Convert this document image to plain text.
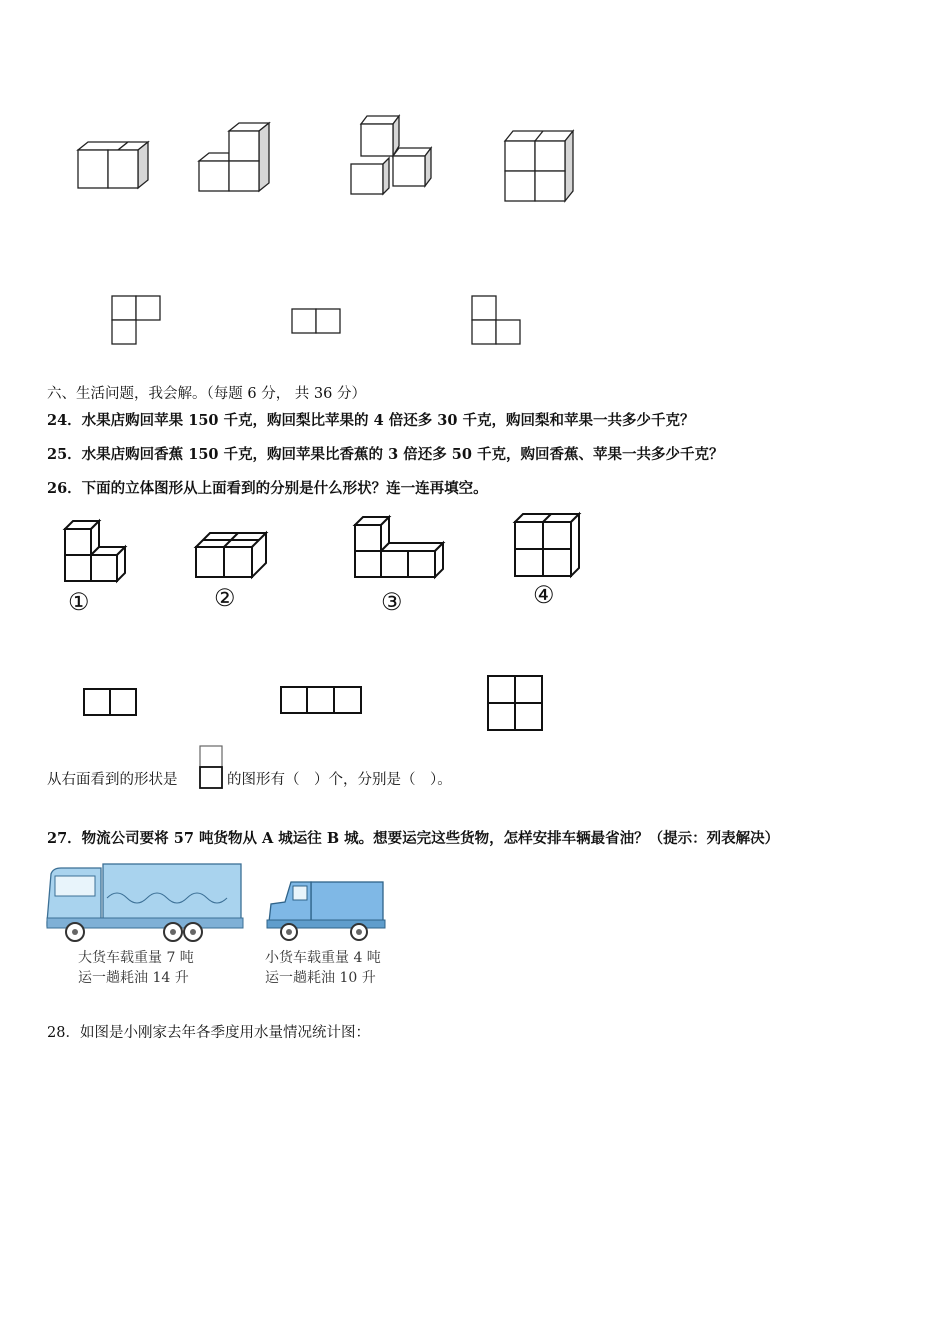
六、生活问题，我会解。（每题 6 分， 共 36 分）
24．水果店购回苹果 150 千克，购回梨比苹果的 4 倍还多 30 千克，购回梨和苹果一共多少千克？
25．水果店购回香蕉 150 千克，购回苹果比香蕉的 3 倍还多 50 千克，购回香蕉、苹果一共多少千克？
26．下面的立体图形从上面看到的分别是什么形状？连一连再填空。
①	②	③	④
从右面看到的形状是	的图形有（　）个，分别是（　）。
27．物流公司要将 57 吨货物从 A 城运往 B 城。想要运完这些货物，怎样安排车辆最省油？（提示：列表解决）
大货车载重量 7 吨
运一趟耗油 14 升
小货车载重量 4 吨
运一趟耗油 10 升
28．如图是小刚家去年各季度用水量情况统计图：
